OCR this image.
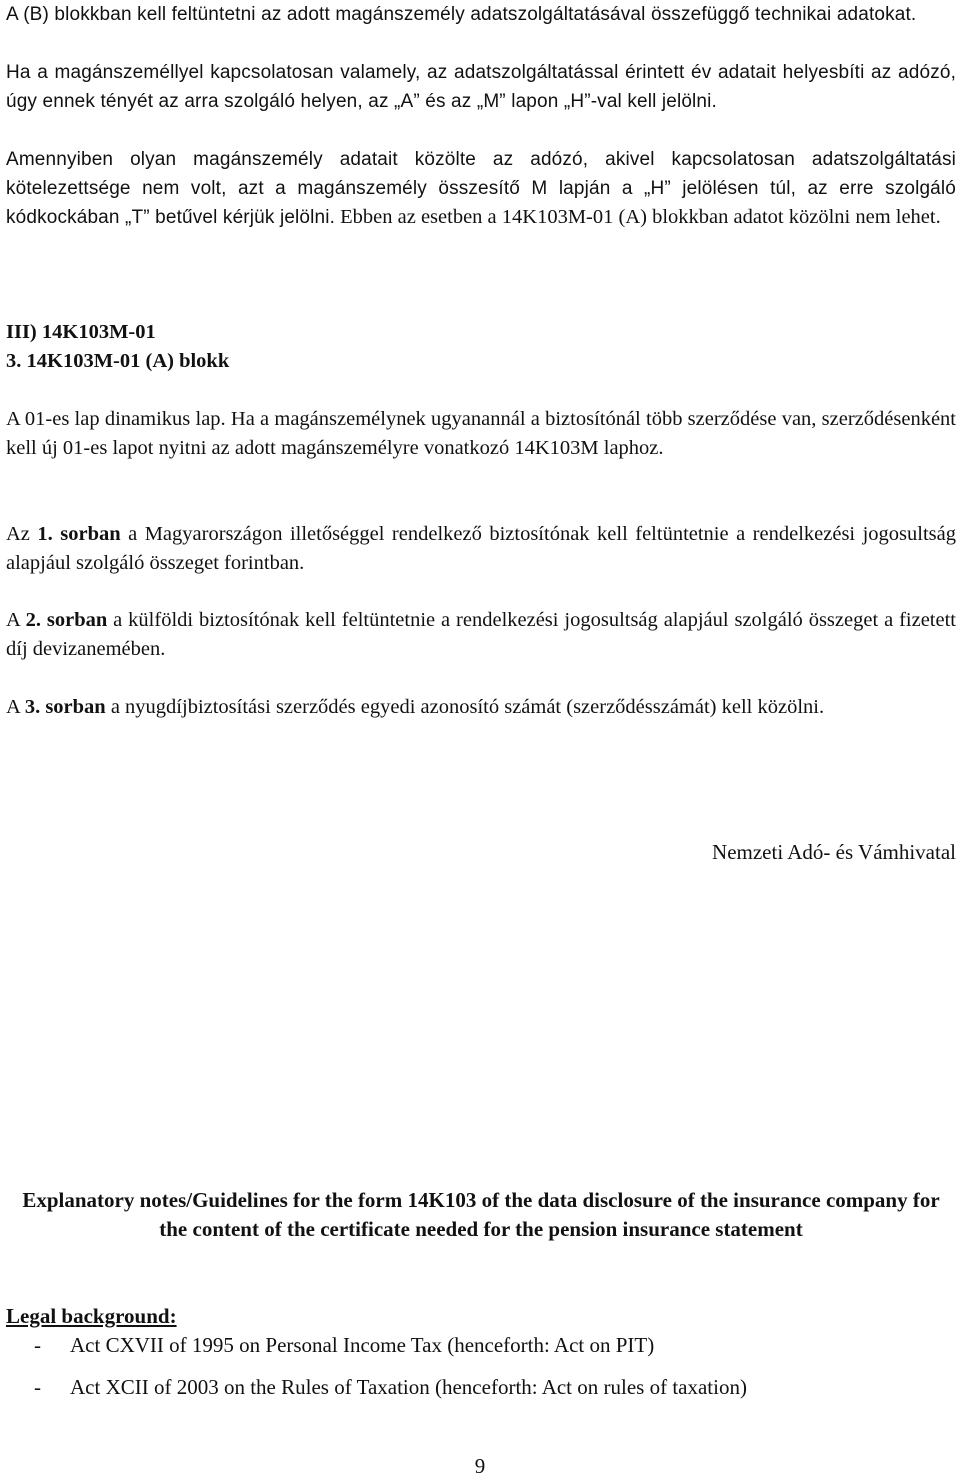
A (B) blokkban kell feltüntetni az adott magánszemély adatszolgáltatásával összefüggő technikai adatokat.

Ha a magánszeméllyel kapcsolatosan valamely, az adatszolgáltatással érintett év adatait helyesbíti az adózó, úgy ennek tényét az arra szolgáló helyen, az „A” és az „M” lapon „H”-val kell jelölni.

Amennyiben olyan magánszemély adatait közölte az adózó, akivel kapcsolatosan adatszolgáltatási kötelezettsége nem volt, azt a magánszemély összesítő M lapján a „H” jelölésen túl, az erre szolgáló kódkockában „T” betűvel kérjük jelölni. Ebben az esetben a 14K103M-01 (A) blokkban adatot közölni nem lehet.

III) 14K103M-01

3. 14K103M-01 (A) blokk

A 01-es lap dinamikus lap. Ha a magánszemélynek ugyanannál a biztosítónál több szerződése van, szerződésenként kell új 01-es lapot nyitni az adott magánszemélyre vonatkozó 14K103M laphoz.

Az 1. sorban a Magyarországon illetőséggel rendelkező biztosítónak kell feltüntetnie a rendelkezési jogosultság alapjául szolgáló összeget forintban.

A 2. sorban a külföldi biztosítónak kell feltüntetnie a rendelkezési jogosultság alapjául szolgáló összeget a fizetett díj devizanemében.

A 3. sorban a nyugdíjbiztosítási szerződés egyedi azonosító számát (szerződésszámát) kell közölni.

Nemzeti Adó- és Vámhivatal

Explanatory notes/Guidelines for the form 14K103 of the data disclosure of the insurance company for the content of the certificate needed for the pension insurance statement

Legal background:

- Act CXVII of 1995 on Personal Income Tax (henceforth: Act on PIT)

- Act XCII of 2003 on the Rules of Taxation (henceforth: Act on rules of taxation)

9
